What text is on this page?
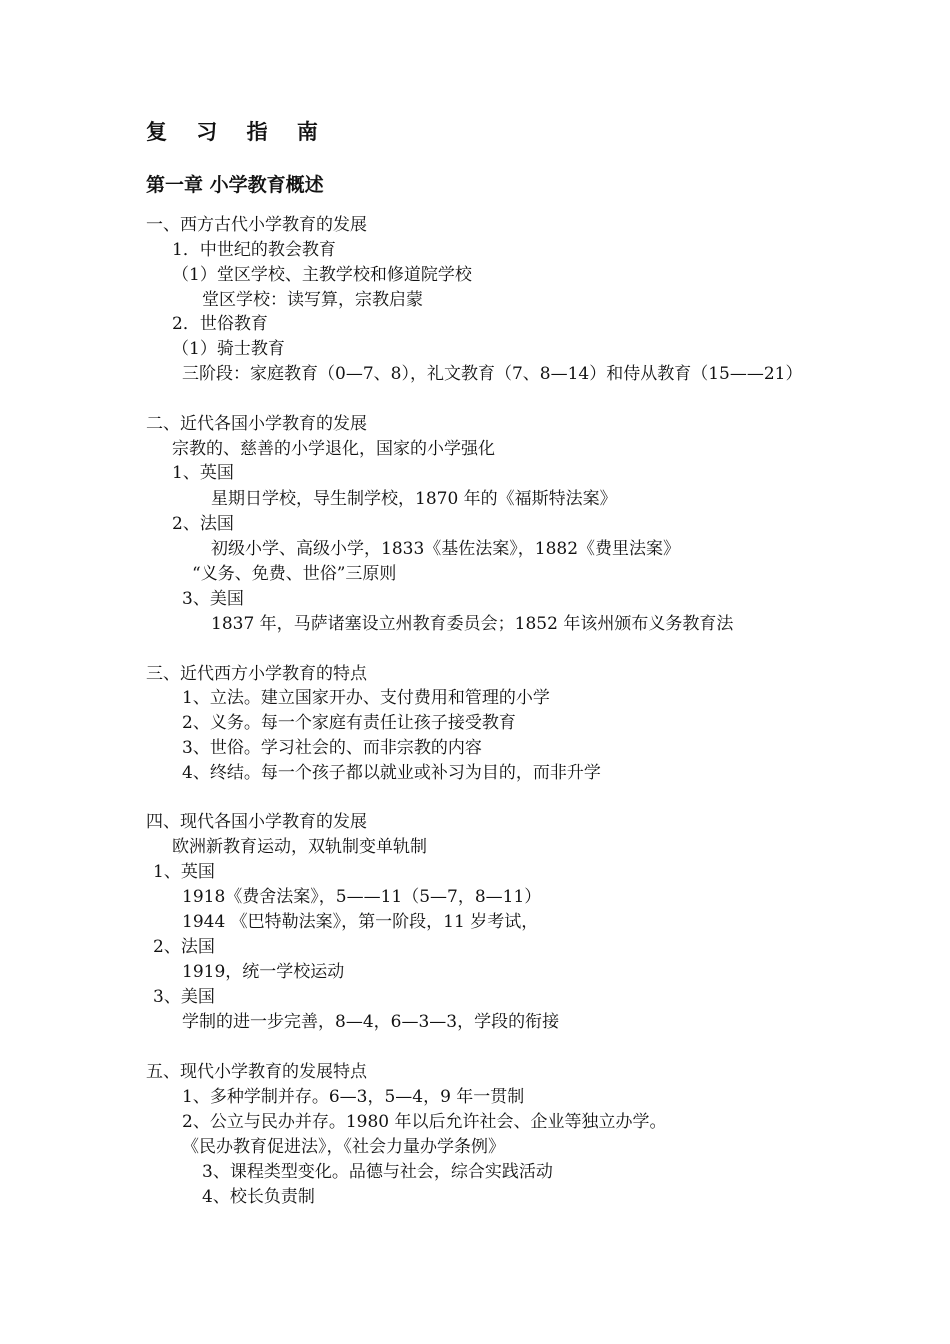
复 习 指 南
第一章 小学教育概述
一、西方古代小学教育的发展
1．中世纪的教会教育
（1）堂区学校、主教学校和修道院学校
堂区学校：读写算，宗教启蒙
2．世俗教育
（1）骑士教育
三阶段：家庭教育（0—7、8），礼文教育（7、8—14）和侍从教育（15——21）
二、近代各国小学教育的发展
宗教的、慈善的小学退化，国家的小学强化
1、英国
星期日学校，导生制学校，1870 年的《福斯特法案》
2、法国
初级小学、高级小学，1833《基佐法案》，1882《费里法案》
“义务、免费、世俗”三原则
3、美国
1837 年，马萨诸塞设立州教育委员会；1852 年该州颁布义务教育法
三、近代西方小学教育的特点
1、立法。建立国家开办、支付费用和管理的小学
2、义务。每一个家庭有责任让孩子接受教育
3、世俗。学习社会的、而非宗教的内容
4、终结。每一个孩子都以就业或补习为目的，而非升学
四、现代各国小学教育的发展
欧洲新教育运动，双轨制变单轨制
1、英国
1918《费舍法案》，5——11（5—7，8—11）
1944 《巴特勒法案》，第一阶段，11 岁考试，
2、法国
1919，统一学校运动
3、美国
学制的进一步完善，8—4，6—3—3，学段的衔接
五、现代小学教育的发展特点
1、多种学制并存。6—3，5—4，9 年一贯制
2、公立与民办并存。1980 年以后允许社会、企业等独立办学。
《民办教育促进法》，《社会力量办学条例》
3、课程类型变化。品德与社会，综合实践活动
4、校长负责制
